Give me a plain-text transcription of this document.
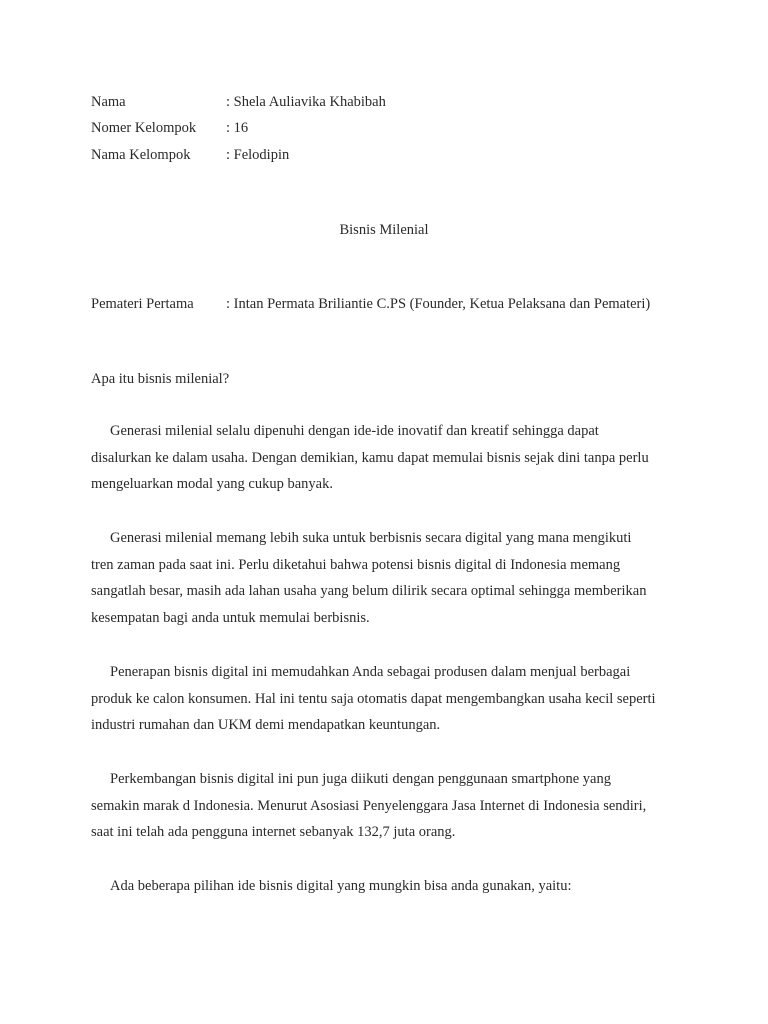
Nama	: Shela Auliavika Khabibah
Nomer Kelompok : 16
Nama Kelompok : Felodipin
Bisnis Milenial
Pemateri Pertama : Intan Permata Briliantie C.PS (Founder, Ketua Pelaksana dan Pemateri)
Apa itu bisnis milenial?

Generasi milenial selalu dipenuhi dengan ide-ide inovatif dan kreatif sehingga dapat
disalurkan ke dalam usaha. Dengan demikian, kamu dapat memulai bisnis sejak dini tanpa perlu
mengeluarkan modal yang cukup banyak.

Generasi milenial memang lebih suka untuk berbisnis secara digital yang mana mengikuti
tren zaman pada saat ini. Perlu diketahui bahwa potensi bisnis digital di Indonesia memang
sangatlah besar, masih ada lahan usaha yang belum dilirik secara optimal sehingga memberikan
kesempatan bagi anda untuk memulai berbisnis.

Penerapan bisnis digital ini memudahkan Anda sebagai produsen dalam menjual berbagai
produk ke calon konsumen. Hal ini tentu saja otomatis dapat mengembangkan usaha kecil seperti
industri rumahan dan UKM demi mendapatkan keuntungan.

Perkembangan bisnis digital ini pun juga diikuti dengan penggunaan smartphone yang
semakin marak d Indonesia. Menurut Asosiasi Penyelenggara Jasa Internet di Indonesia sendiri,
saat ini telah ada pengguna internet sebanyak 132,7 juta orang.

Ada beberapa pilihan ide bisnis digital yang mungkin bisa anda gunakan, yaitu:
